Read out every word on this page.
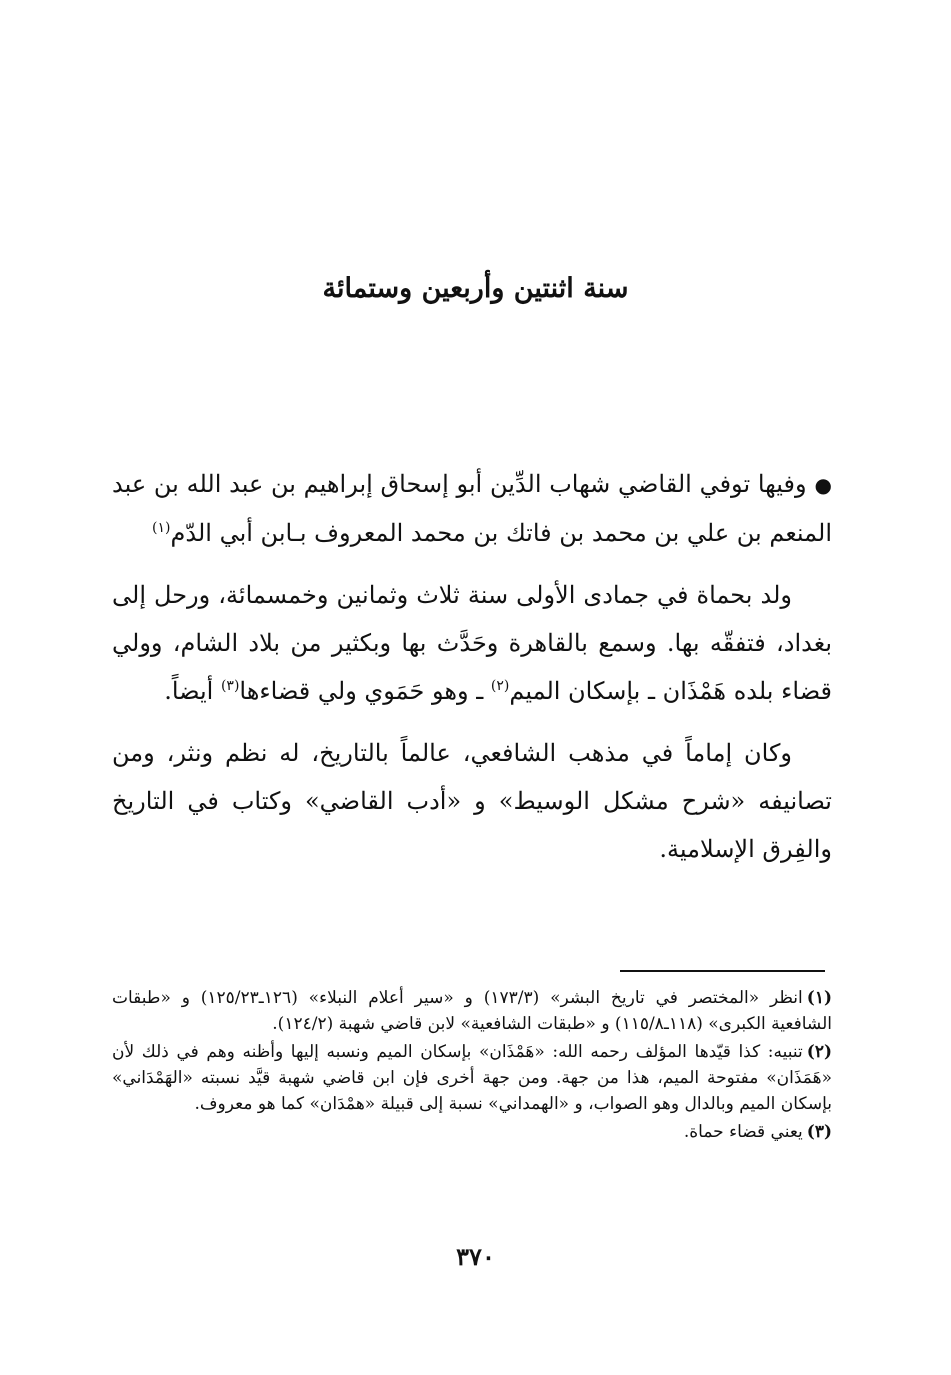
سنة اثنتين وأربعين وستمائة

●وفيها توفي القاضي شهاب الدِّين أبو إسحاق إبراهيم بن عبد الله بن عبد المنعم بن علي بن محمد بن فاتك بن محمد المعروف بـابن أبي الدّم$^{(١)}$

ولد بحماة في جمادى الأولى سنة ثلاث وثمانين وخمسمائة، ورحل إلى بغداد، فتفقّه بها. وسمع بالقاهرة وحَدَّث بها وبكثير من بلاد الشام، وولي قضاء بلده هَمْذَان ـ بإسكان الميم$^{(٢)}$ ـ وهو حَمَوي ولي قضاءها$^{(٣)}$ أيضاً.

وكان إماماً في مذهب الشافعي، عالماً بالتاريخ، له نظم ونثر، ومن تصانيفه «شرح مشكل الوسيط» و «أدب القاضي» وكتاب في التاريخ والفِرق الإسلامية.

(١)انظر «المختصر في تاريخ البشر» (١٧٣/٣) و «سير أعلام النبلاء» (١٢٦ـ١٢٥/٢٣) و «طبقات الشافعية الكبرى» (١١٨ـ١١٥/٨) و «طبقات الشافعية» لابن قاضي شهبة (١٢٤/٢).

(٢)تنبيه: كذا قيّدها المؤلف رحمه الله: «هَمْذَان» بإسكان الميم ونسبه إليها وأظنه وهم في ذلك لأن «هَمَذَان» مفتوحة الميم، هذا من جهة. ومن جهة أخرى فإن ابن قاضي شهبة قيَّد نسبته «الهَمْدَاني» بإسكان الميم وبالدال وهو الصواب، و «الهمداني» نسبة إلى قبيلة «همْدَان» كما هو معروف.

(٣)يعني قضاء حماة.

٣٧٠
